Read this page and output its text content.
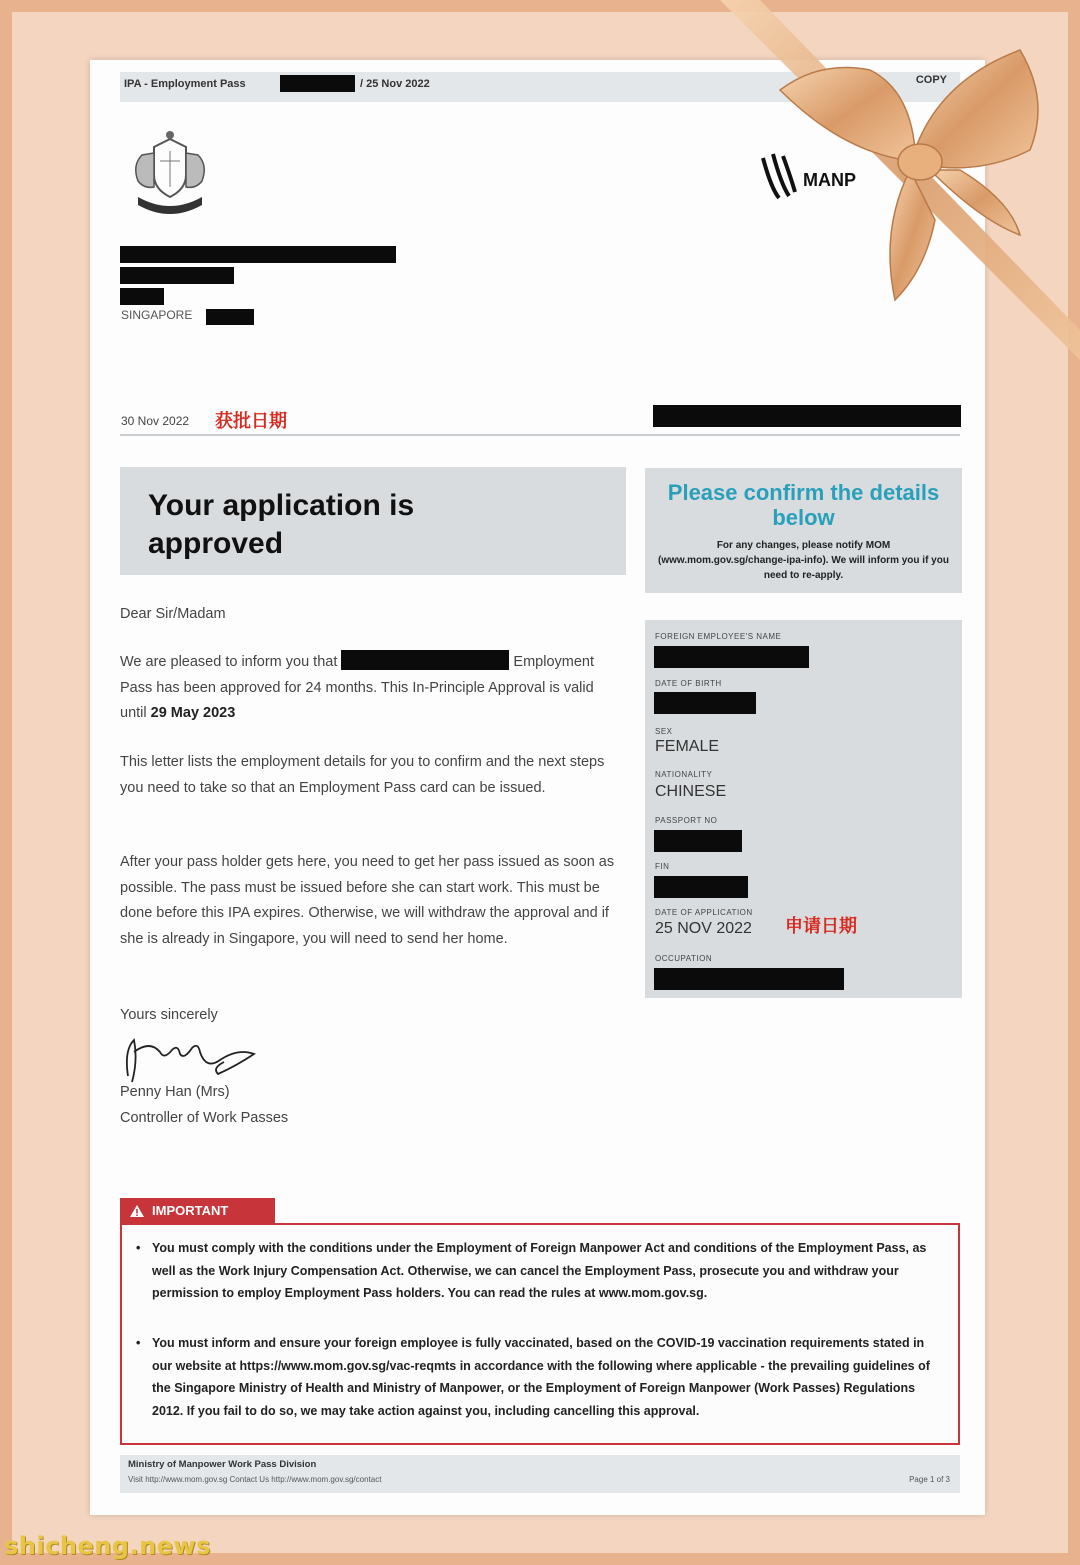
IPA - Employment Pass	/ 25 Nov 2022	COPY
MANP
SINGAPORE
30 Nov 2022 获批日期
Your application is approved
Please confirm the details below
For any changes, please notify MOM (www.mom.gov.sg/change-ipa-info). We will inform you if you need to re-apply.
FOREIGN EMPLOYEE'S NAME
DATE OF BIRTH
SEX
FEMALE
NATIONALITY
CHINESE
PASSPORT NO
FIN
DATE OF APPLICATION
25 NOV 2022 申请日期
OCCUPATION
Dear Sir/Madam
We are pleased to inform you that	Employment Pass has been approved for 24 months. This In-Principle Approval is valid until 29 May 2023
This letter lists the employment details for you to confirm and the next steps you need to take so that an Employment Pass card can be issued.
After your pass holder gets here, you need to get her pass issued as soon as possible. The pass must be issued before she can start work. This must be done before this IPA expires. Otherwise, we will withdraw the approval and if she is already in Singapore, you will need to send her home.
Yours sincerely
Penny Han (Mrs)
Controller of Work Passes
IMPORTANT
• You must comply with the conditions under the Employment of Foreign Manpower Act and conditions of the Employment Pass, as well as the Work Injury Compensation Act. Otherwise, we can cancel the Employment Pass, prosecute you and withdraw your permission to employ Employment Pass holders. You can read the rules at www.mom.gov.sg.
• You must inform and ensure your foreign employee is fully vaccinated, based on the COVID-19 vaccination requirements stated in our website at https://www.mom.gov.sg/vac-reqmts in accordance with the following where applicable - the prevailing guidelines of the Singapore Ministry of Health and Ministry of Manpower, or the Employment of Foreign Manpower (Work Passes) Regulations 2012. If you fail to do so, we may take action against you, including cancelling this approval.
Ministry of Manpower Work Pass Division
Visit http://www.mom.gov.sg Contact Us http://www.mom.gov.sg/contact	Page 1 of 3
shicheng.news
